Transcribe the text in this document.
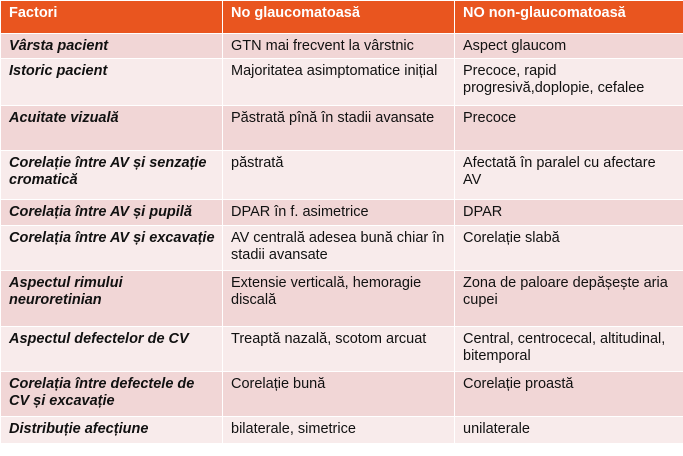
Factori	No glaucomatoasă	NO non-glaucomatoasă
Vârsta pacient	GTN mai frecvent la vârstnic	Aspect glaucom
Istoric pacient	Majoritatea asimptomatice inițial	Precoce, rapid progresivă,doplopie, cefalee
Acuitate vizuală	Păstrată pînă în stadii avansate	Precoce
Corelație între AV și senzație cromatică	păstrată	Afectată în paralel cu afectare AV
Corelația între AV și pupilă	DPAR în f. asimetrice	DPAR
Corelația între AV și excavație	AV centrală adesea bună chiar în stadii avansate	Corelație slabă
Aspectul rimului neuroretinian	Extensie verticală, hemoragie discală	Zona de paloare depășește aria cupei
Aspectul defectelor de CV	Treaptă nazală, scotom arcuat	Central, centrocecal, altitudinal, bitemporal
Corelația între defectele de CV și excavație	Corelație bună	Corelație proastă
Distribuție afecțiune	bilaterale, simetrice	unilaterale
